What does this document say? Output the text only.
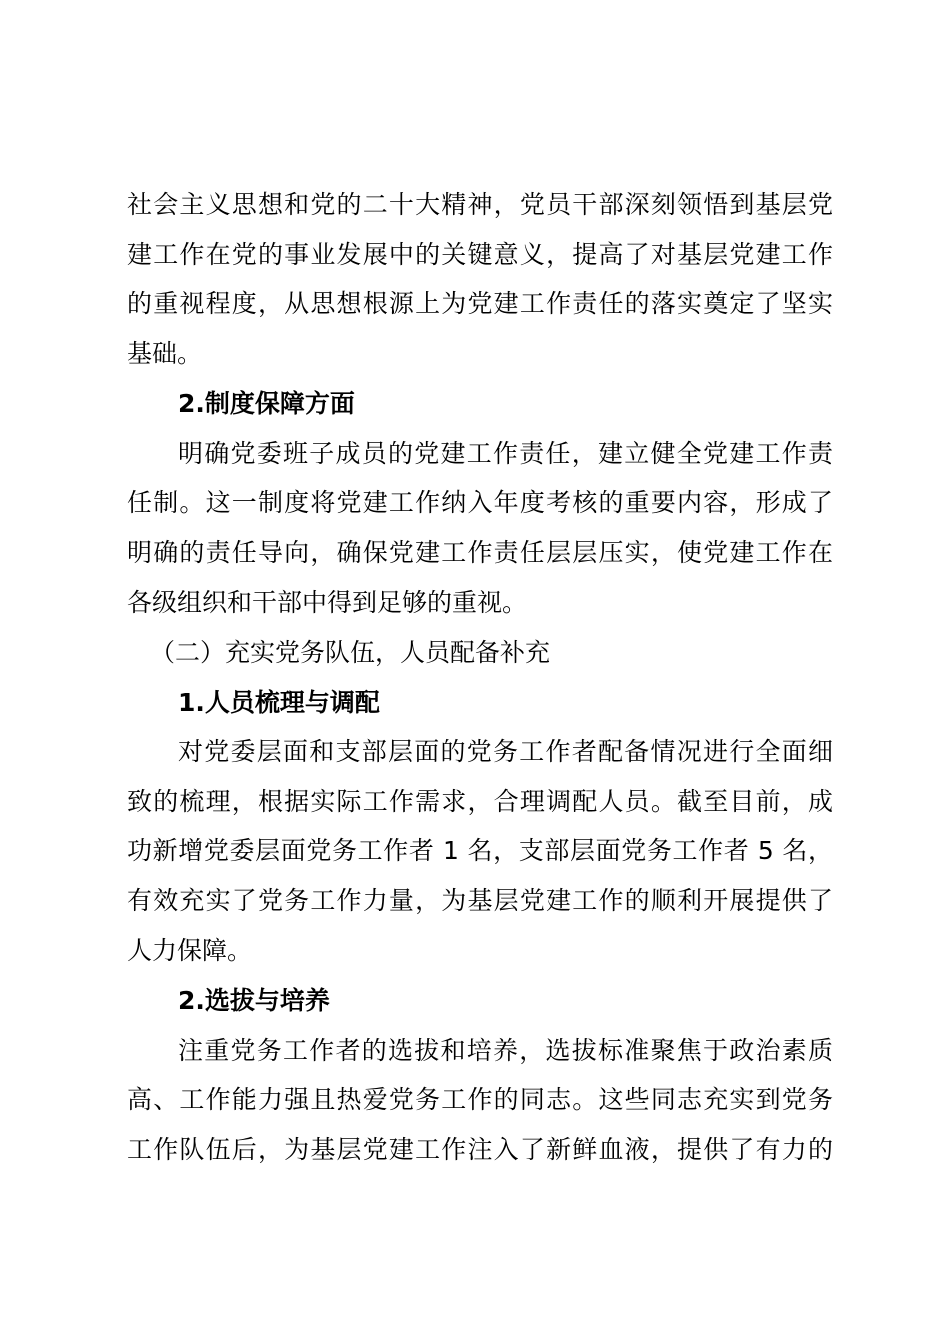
社会主义思想和党的二十大精神，党员干部深刻领悟到基层党
建工作在党的事业发展中的关键意义，提高了对基层党建工作
的重视程度，从思想根源上为党建工作责任的落实奠定了坚实
基础。
2.制度保障方面
明确党委班子成员的党建工作责任，建立健全党建工作责
任制。这一制度将党建工作纳入年度考核的重要内容，形成了
明确的责任导向，确保党建工作责任层层压实，使党建工作在
各级组织和干部中得到足够的重视。
（二）充实党务队伍，人员配备补充
1.人员梳理与调配
对党委层面和支部层面的党务工作者配备情况进行全面细
致的梳理，根据实际工作需求，合理调配人员。截至目前，成
功新增党委层面党务工作者 1 名，支部层面党务工作者 5 名，
有效充实了党务工作力量，为基层党建工作的顺利开展提供了
人力保障。
2.选拔与培养
注重党务工作者的选拔和培养，选拔标准聚焦于政治素质
高、工作能力强且热爱党务工作的同志。这些同志充实到党务
工作队伍后，为基层党建工作注入了新鲜血液，提供了有力的
